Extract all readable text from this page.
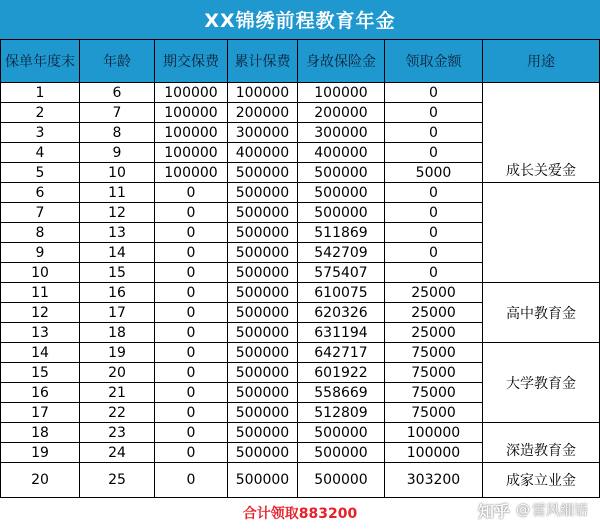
XX锦绣前程教育年金
保单年度末	年龄	期交保费	累计保费	身故保险金	领取金额	用途
1	6	100000	100000	100000	0	成长关爱金
2	7	100000	200000	200000	0	
3	8	100000	300000	300000	0	
4	9	100000	400000	400000	0	
5	10	100000	500000	500000	5000	
6	11	0	500000	500000	0	
7	12	0	500000	500000	0	
8	13	0	500000	511869	0	
9	14	0	500000	542709	0	
10	15	0	500000	575407	0	
11	16	0	500000	610075	25000	高中教育金
12	17	0	500000	620326	25000	
13	18	0	500000	631194	25000	
14	19	0	500000	642717	75000	大学教育金
15	20	0	500000	601922	75000	
16	21	0	500000	558669	75000	
17	22	0	500000	512809	75000	
18	23	0	500000	500000	100000	深造教育金
19	24	0	500000	500000	100000	
20	25	0	500000	500000	303200	成家立业金
合计领取883200	知乎 @ 雷风细语
